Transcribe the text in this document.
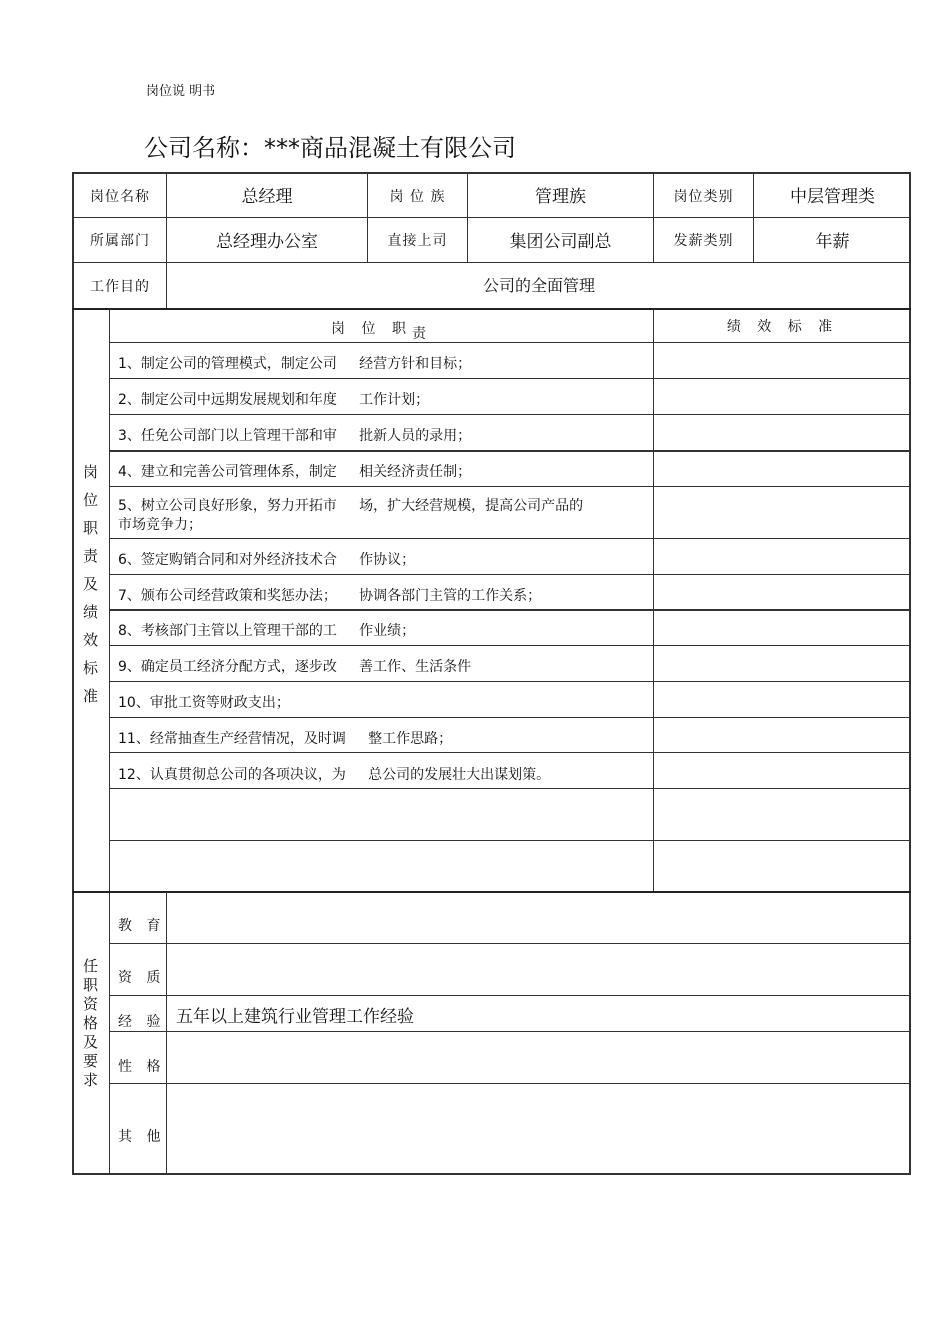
岗位说 明书
公司名称：***商品混凝土有限公司
岗位名称	总经理	岗 位 族	管理族	岗位类别	中层管理类
所属部门	总经理办公室	直接上司	集团公司副总	发薪类别	年薪
工作目的	公司的全面管理
岗位职责及绩效标准
岗 位 职 责	绩 效 标 准
1、制定公司的管理模式，制定公司     经营方针和目标；
2、制定公司中远期发展规划和年度     工作计划；
3、任免公司部门以上管理干部和审     批新人员的录用；
4、建立和完善公司管理体系，制定     相关经济责任制；
5、树立公司良好形象，努力开拓市     场，扩大经营规模，提高公司产品的
市场竞争力；
6、签定购销合同和对外经济技术合     作协议；
7、颁布公司经营政策和奖惩办法；     协调各部门主管的工作关系；
8、考核部门主管以上管理干部的工     作业绩；
9、确定员工经济分配方式，逐步改     善工作、生活条件
10、审批工资等财政支出；
11、经常抽查生产经营情况，及时调     整工作思路；
12、认真贯彻总公司的各项决议，为     总公司的发展壮大出谋划策。
任职资格及要求
教 育
资 质
经 验 五年以上建筑行业管理工作经验
性 格
其 他
